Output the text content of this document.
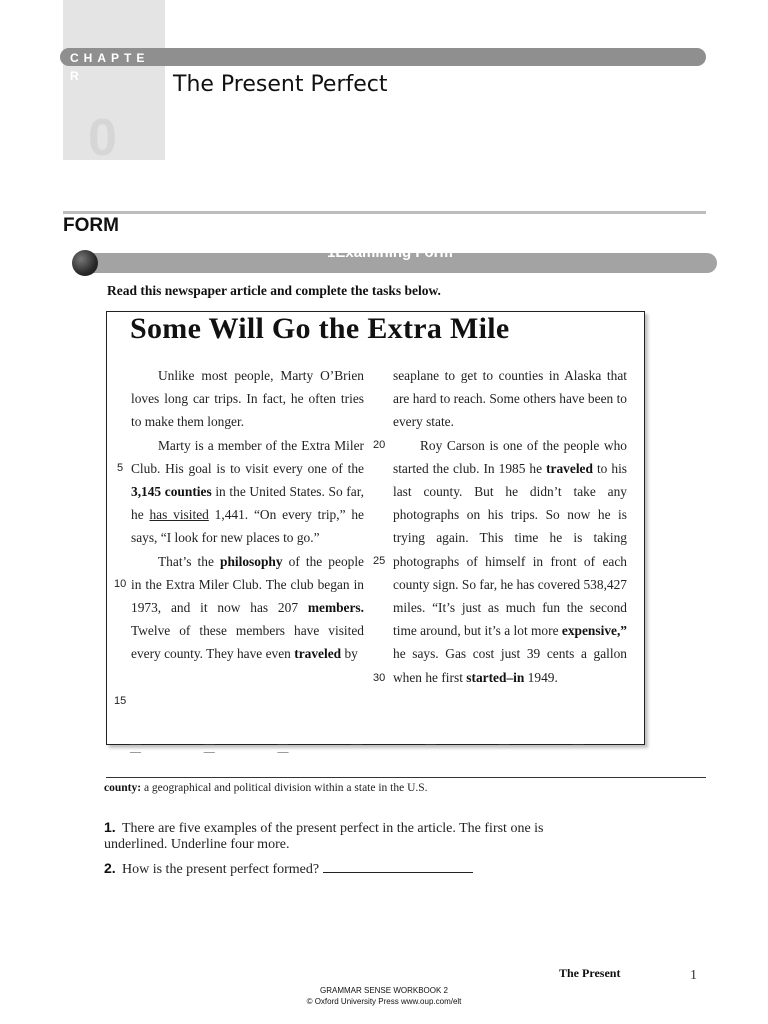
0
CHAPTER	The Present Perfect
FORM
1Examining Form
Read this newspaper article and complete the tasks below.
Some Will Go the Extra Mile

Unlike most people, Marty O’Brien loves long car trips. In fact, he often tries to make them longer.

Marty is a member of the Extra Miler Club. His goal is to visit every one of the 3,145 counties in the United States. So far, he has visited 1,441. “On every trip,” he says, “I look for new places to go.”

That’s the philosophy of the people in the Extra Miler Club. The club began in 1973, and it now has 207 members. Twelve of these members have visited every county. They have even traveled by

seaplane to get to counties in Alaska that are hard to reach. Some others have been to every state.

Roy Carson is one of the people who started the club. In 1985 he traveled to his last county. But he didn’t take any photographs on his trips. So now he is trying again. This time he is taking photographs of himself in front of each county sign. So far, he has covered 538,427 miles. “It’s just as much fun the second time around, but it’s a lot more expensive,” he says. Gas cost just 39 cents a gallon when he first started–in 1949.

5
10
15
20
25
30
— — — — — — — — — —
county: a geographical and political division within a state in the U.S.
1. There are five examples of the present perfect in the article. The first one is underlined. Underline four more.
2. How is the present perfect formed?
The Present	1
GRAMMAR SENSE WORKBOOK 2
© Oxford University Press www.oup.com/elt
